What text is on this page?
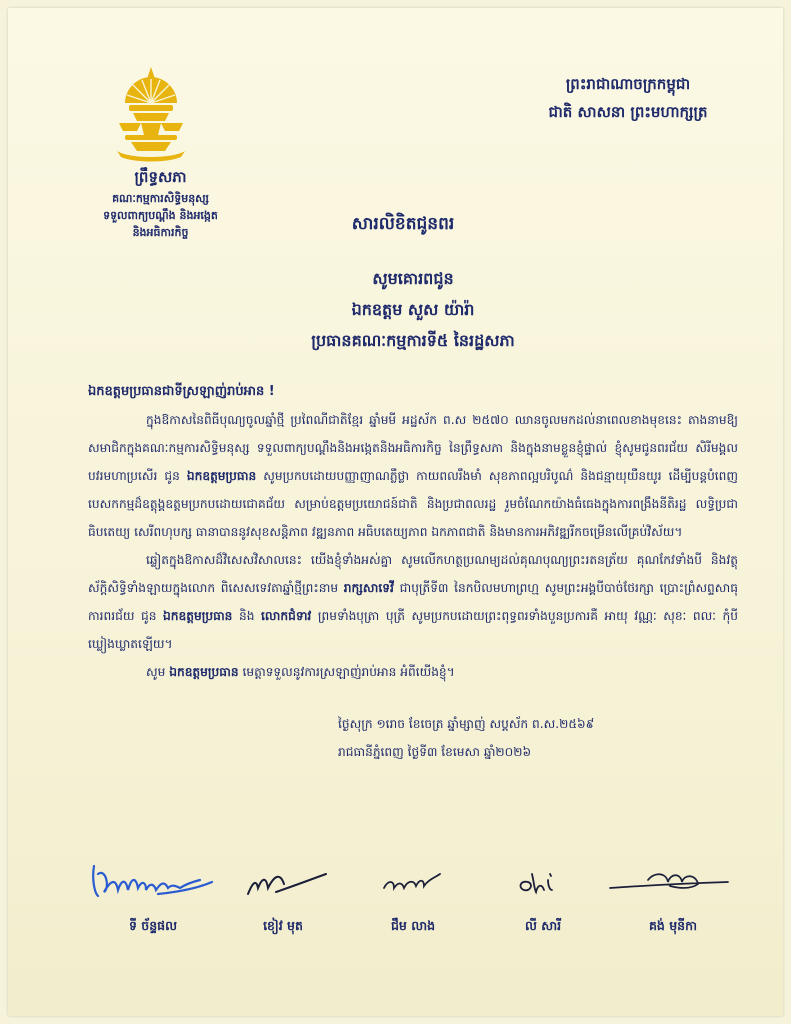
ព្រឹទ្ធសភា
គណៈកម្មការសិទ្ធិមនុស្ស
ទទួលពាក្យបណ្តឹង និងអង្កេត
និងអធិការកិច្ច
ព្រះរាជាណាចក្រកម្ពុជា
ជាតិ សាសនា ព្រះមហាក្សត្រ
សារលិខិតជូនពរ
សូមគោរពជូន
ឯកឧត្តម សួស យ៉ារ៉ា
ប្រធានគណៈកម្មការទី៥ នៃរដ្ឋសភា

ឯកឧត្តមប្រធានជាទីស្រឡាញ់រាប់អាន !

ក្នុងឱកាសនៃពិធីបុណ្យចូលឆ្នាំថ្មី ប្រពៃណីជាតិខ្មែរ ឆ្នាំមមី អដ្ឋស័ក ព.ស ២៥៧០ ឈានចូលមកដល់នាពេលខាងមុខនេះ តាងនាមឱ្យសមាជិកក្នុងគណៈកម្មការសិទ្ធិមនុស្ស ទទួលពាក្យបណ្តឹងនិងអង្កេតនិងអធិការកិច្ច នៃព្រឹទ្ធសភា និងក្នុងនាមខ្លួនខ្ញុំផ្ទាល់ ខ្ញុំសូមជូនពរជ័យ សិរីមង្គល បវរមហាប្រសើរ ជូន ឯកឧត្តមប្រធាន សូមប្រកបដោយបញ្ញាញាណភ្លឺថ្លា កាយពលរឹងមាំ សុខភាពល្អបរិបូណ៌ និងជន្មាយុយឺនយូរ ដើម្បីបន្តបំពេញបេសកកម្មដ៏ឧត្តុង្គឧត្តមប្រកបដោយជោគជ័យ សម្រាប់ឧត្តមប្រយោជន៍ជាតិ និងប្រជាពលរដ្ឋ រួមចំណែកយ៉ាងធំធេងក្នុងការពង្រឹងនីតិរដ្ឋ លទ្ធិប្រជាធិបតេយ្យ សេរីពហុបក្ស ធានាបាននូវសុខសន្តិភាព វឌ្ឍនភាព អធិបតេយ្យភាព ឯកភាពជាតិ និងមានការអភិវឌ្ឍរីកចម្រើនលើគ្រប់វិស័យ។

ឆ្លៀតក្នុងឱកាសដ៏វិសេសវិសាលនេះ យើងខ្ញុំទាំងអស់គ្នា សូមលើកហត្ថប្រណម្យដល់គុណបុណ្យព្រះរតនត្រ័យ គុណកែវទាំងបី និងវត្ថុស័ក្តិសិទ្ធិទាំងឡាយក្នុងលោក ពិសេសទេវតាឆ្នាំថ្មីព្រះនាម រាក្សសាទេវី ជាបុត្រីទី៣ នៃកបិលមហាព្រហ្ម សូមព្រះអង្គបីបាច់ថែរក្សា ប្រោះព្រំសព្ទសាធុការពរជ័យ ជូន ឯកឧត្តមប្រធាន និង លោកជំទាវ ព្រមទាំងបុត្រា បុត្រី សូមប្រកបដោយព្រះពុទ្ធពរទាំងបួនប្រការគឺ អាយុ វណ្ណៈ សុខៈ ពលៈ កុំបីឃ្លៀងឃ្លាតឡើយ។

សូម ឯកឧត្តមប្រធាន មេត្តាទទួលនូវការស្រឡាញ់រាប់អាន អំពីយើងខ្ញុំ។

ថ្ងៃសុក្រ ១រោច ខែចេត្រ ឆ្នាំម្សាញ់ សប្តស័ក ព.ស.២៥៦៩
រាជធានីភ្នំពេញ ថ្ងៃទី៣ ខែមេសា ឆ្នាំ២០២៦
ទី ច័ន្ទផល	ខៀវ មុត	ជឹម លាង	លី សារី	គង់ មុនីកា
